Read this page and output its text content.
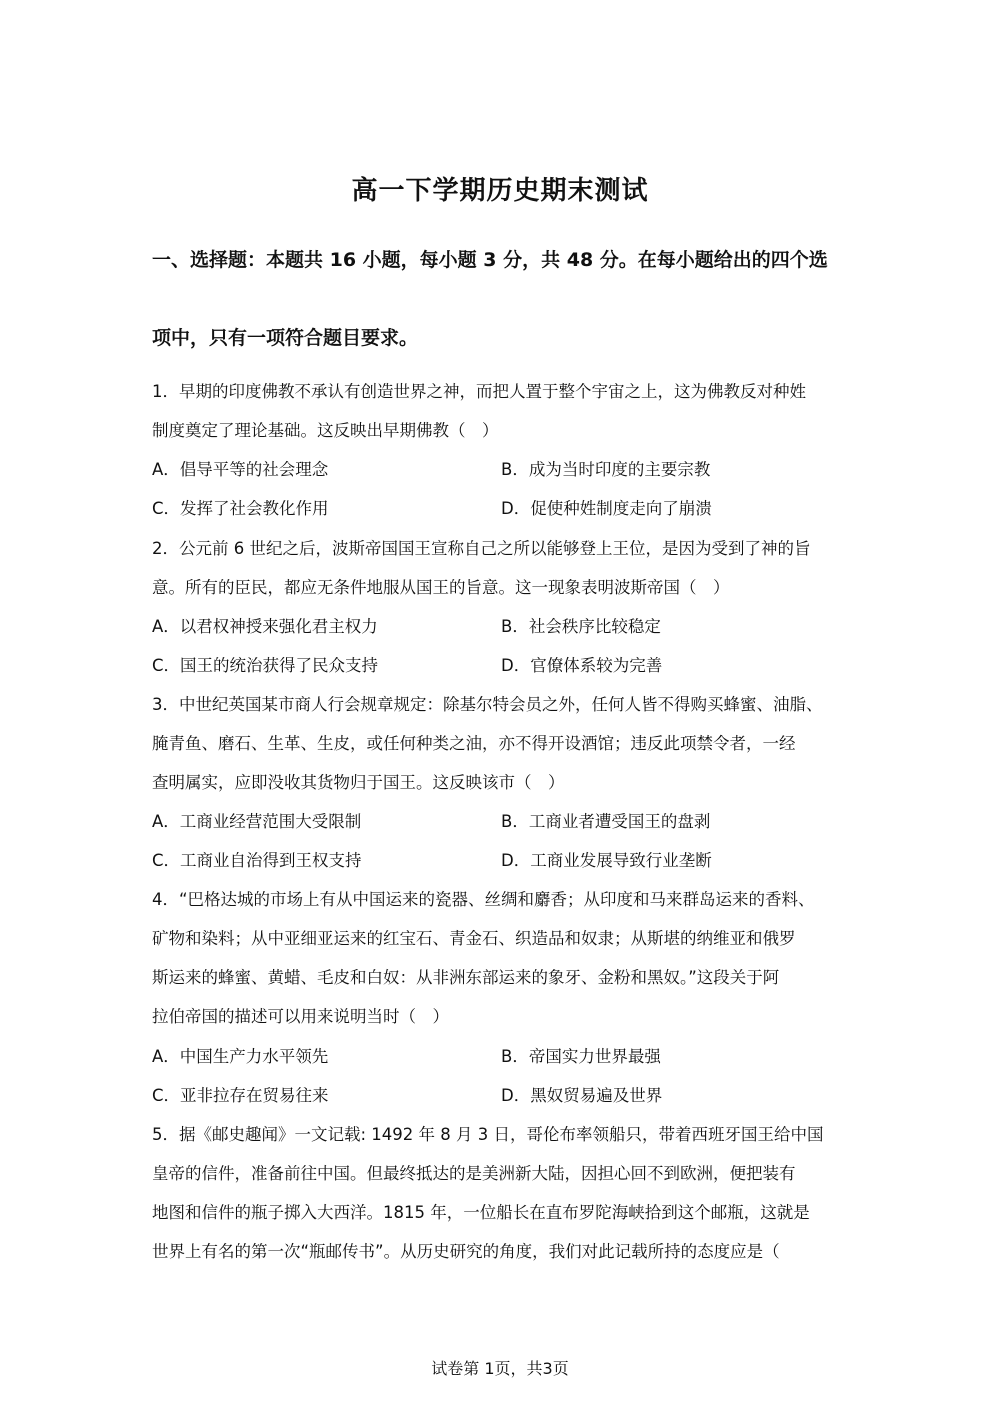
高一下学期历史期末测试
一、选择题：本题共 16 小题，每小题 3 分，共 48 分。在每小题给出的四个选
项中，只有一项符合题目要求。
1．早期的印度佛教不承认有创造世界之神，而把人置于整个宇宙之上，这为佛教反对种姓
制度奠定了理论基础。这反映出早期佛教（　）
A．倡导平等的社会理念	B．成为当时印度的主要宗教
C．发挥了社会教化作用	D．促使种姓制度走向了崩溃
2．公元前 6 世纪之后，波斯帝国国王宣称自己之所以能够登上王位，是因为受到了神的旨
意。所有的臣民，都应无条件地服从国王的旨意。这一现象表明波斯帝国（　）
A．以君权神授来强化君主权力	B．社会秩序比较稳定
C．国王的统治获得了民众支持	D．官僚体系较为完善
3．中世纪英国某市商人行会规章规定：除基尔特会员之外，任何人皆不得购买蜂蜜、油脂、
腌青鱼、磨石、生革、生皮，或任何种类之油，亦不得开设酒馆；违反此项禁令者，一经
查明属实，应即没收其货物归于国王。这反映该市（　）
A．工商业经营范围大受限制	B．工商业者遭受国王的盘剥
C．工商业自治得到王权支持	D．工商业发展导致行业垄断
4．“巴格达城的市场上有从中国运来的瓷器、丝绸和麝香；从印度和马来群岛运来的香料、
矿物和染料；从中亚细亚运来的红宝石、青金石、织造品和奴隶；从斯堪的纳维亚和俄罗
斯运来的蜂蜜、黄蜡、毛皮和白奴：从非洲东部运来的象牙、金粉和黑奴。”这段关于阿
拉伯帝国的描述可以用来说明当时（　）
A．中国生产力水平领先	B．帝国实力世界最强
C．亚非拉存在贸易往来	D．黑奴贸易遍及世界
5．据《邮史趣闻》一文记载: 1492 年 8 月 3 日，哥伦布率领船只，带着西班牙国王给中国
皇帝的信件，准备前往中国。但最终抵达的是美洲新大陆，因担心回不到欧洲，便把装有
地图和信件的瓶子掷入大西洋。1815 年，一位船长在直布罗陀海峡拾到这个邮瓶，这就是
世界上有名的第一次“瓶邮传书”。从历史研究的角度，我们对此记载所持的态度应是（
试卷第 1页，共3页
